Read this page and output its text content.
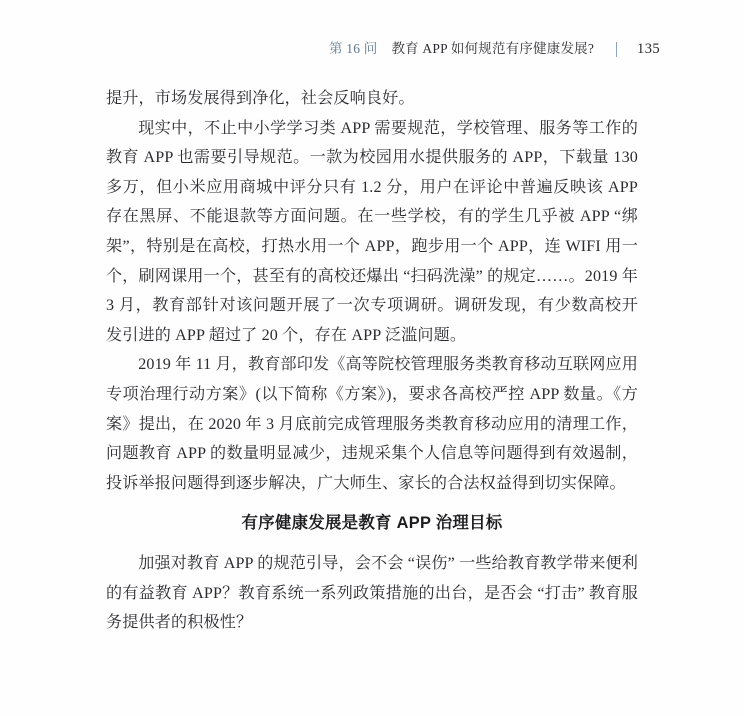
第 16 问 教育 APP 如何规范有序健康发展?	135

提升，市场发展得到净化，社会反响良好。

现实中，不止中小学学习类 APP 需要规范，学校管理、服务等工作的教育 APP 也需要引导规范。一款为校园用水提供服务的 APP，下载量 130 多万，但小米应用商城中评分只有 1.2 分，用户在评论中普遍反映该 APP 存在黑屏、不能退款等方面问题。在一些学校，有的学生几乎被 APP “绑架”，特别是在高校，打热水用一个 APP，跑步用一个 APP，连 WIFI 用一个，刷网课用一个，甚至有的高校还爆出 “扫码洗澡” 的规定……。2019 年 3 月，教育部针对该问题开展了一次专项调研。调研发现，有少数高校开发引进的 APP 超过了 20 个，存在 APP 泛滥问题。

2019 年 11 月，教育部印发《高等院校管理服务类教育移动互联网应用专项治理行动方案》(以下简称《方案》)，要求各高校严控 APP 数量。《方案》提出，在 2020 年 3 月底前完成管理服务类教育移动应用的清理工作，问题教育 APP 的数量明显减少，违规采集个人信息等问题得到有效遏制，投诉举报问题得到逐步解决，广大师生、家长的合法权益得到切实保障。

有序健康发展是教育 APP 治理目标

加强对教育 APP 的规范引导，会不会 “误伤” 一些给教育教学带来便利的有益教育 APP？教育系统一系列政策措施的出台，是否会 “打击” 教育服务提供者的积极性？
